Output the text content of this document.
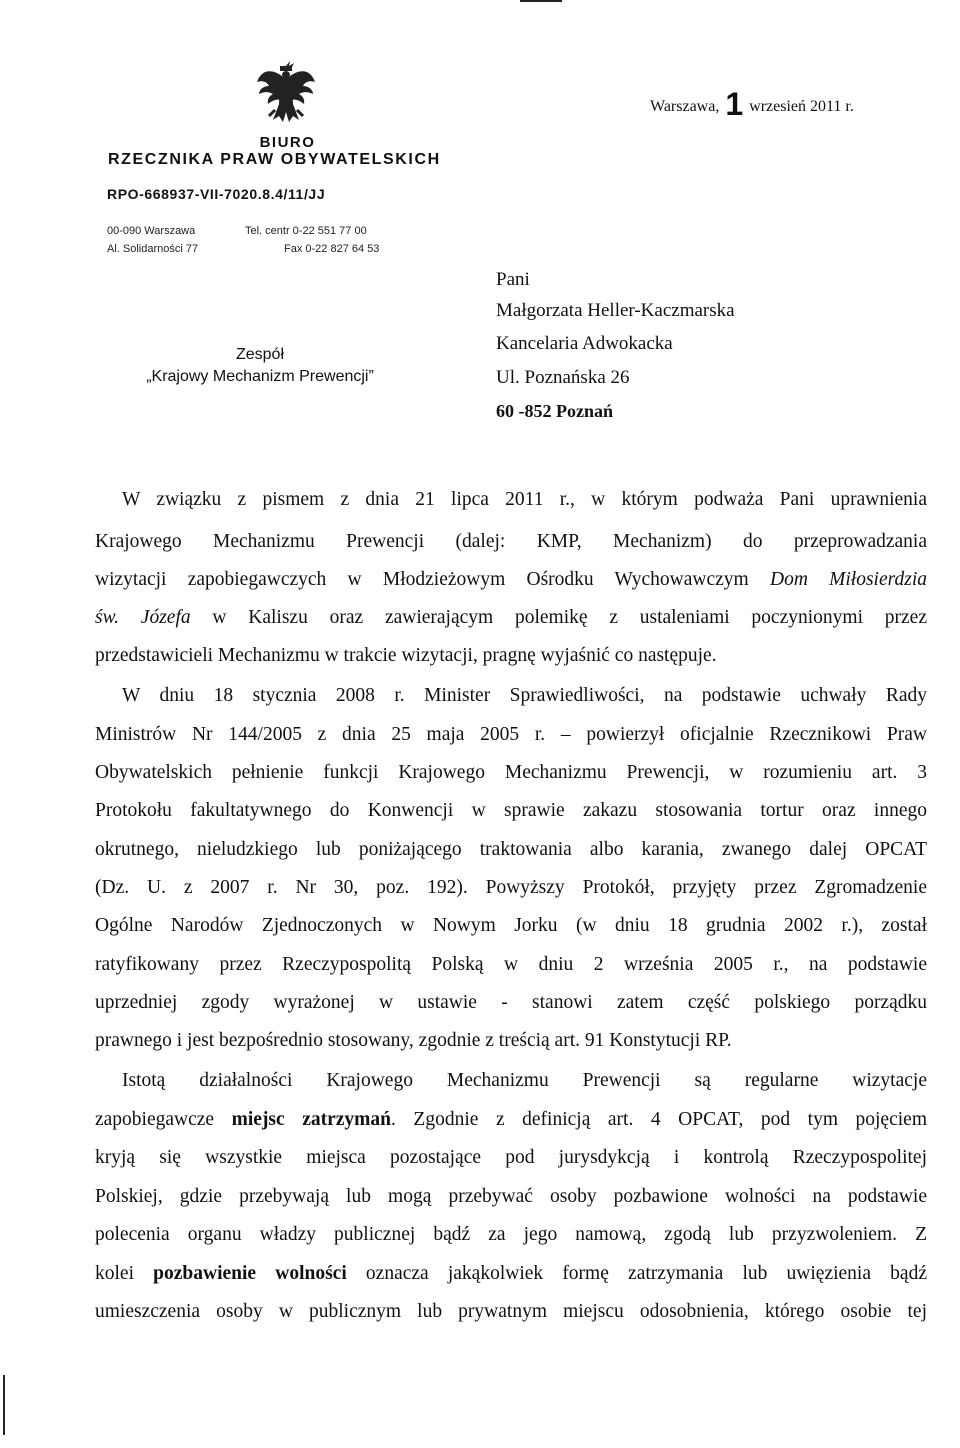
BIURO
RZECZNIKA PRAW OBYWATELSKICH
RPO-668937-VII-7020.8.4/11/JJ
00-090 Warszawa
Al. Solidarności 77
Tel. centr 0-22 551 77 00
Fax 0-22 827 64 53
Zespół
„Krajowy Mechanizm Prewencji”
Warszawa, 1 wrzesień 2011 r.
Pani
Małgorzata Heller-Kaczmarska
Kancelaria Adwokacka
Ul. Poznańska 26
60 -852 Poznań
W związku z pismem z dnia 21 lipca 2011 r., w którym podważa Pani uprawnienia
Krajowego Mechanizmu Prewencji (dalej: KMP, Mechanizm) do przeprowadzania
wizytacji zapobiegawczych w Młodzieżowym Ośrodku Wychowawczym Dom Miłosierdzia
św. Józefa w Kaliszu oraz zawierającym polemikę z ustaleniami poczynionymi przez
przedstawicieli Mechanizmu w trakcie wizytacji, pragnę wyjaśnić co następuje.
W dniu 18 stycznia 2008 r. Minister Sprawiedliwości, na podstawie uchwały Rady
Ministrów Nr 144/2005 z dnia 25 maja 2005 r. – powierzył oficjalnie Rzecznikowi Praw
Obywatelskich pełnienie funkcji Krajowego Mechanizmu Prewencji, w rozumieniu art. 3
Protokołu fakultatywnego do Konwencji w sprawie zakazu stosowania tortur oraz innego
okrutnego, nieludzkiego lub poniżającego traktowania albo karania, zwanego dalej OPCAT
(Dz. U. z 2007 r. Nr 30, poz. 192). Powyższy Protokół, przyjęty przez Zgromadzenie
Ogólne Narodów Zjednoczonych w Nowym Jorku (w dniu 18 grudnia 2002 r.), został
ratyfikowany przez Rzeczypospolitą Polską w dniu 2 września 2005 r., na podstawie
uprzedniej zgody wyrażonej w ustawie - stanowi zatem część polskiego porządku
prawnego i jest bezpośrednio stosowany, zgodnie z treścią art. 91 Konstytucji RP.
Istotą działalności Krajowego Mechanizmu Prewencji są regularne wizytacje
zapobiegawcze miejsc zatrzymań. Zgodnie z definicją art. 4 OPCAT, pod tym pojęciem
kryją się wszystkie miejsca pozostające pod jurysdykcją i kontrolą Rzeczypospolitej
Polskiej, gdzie przebywają lub mogą przebywać osoby pozbawione wolności na podstawie
polecenia organu władzy publicznej bądź za jego namową, zgodą lub przyzwoleniem. Z
kolei pozbawienie wolności oznacza jakąkolwiek formę zatrzymania lub uwięzienia bądź
umieszczenia osoby w publicznym lub prywatnym miejscu odosobnienia, którego osobie tej
